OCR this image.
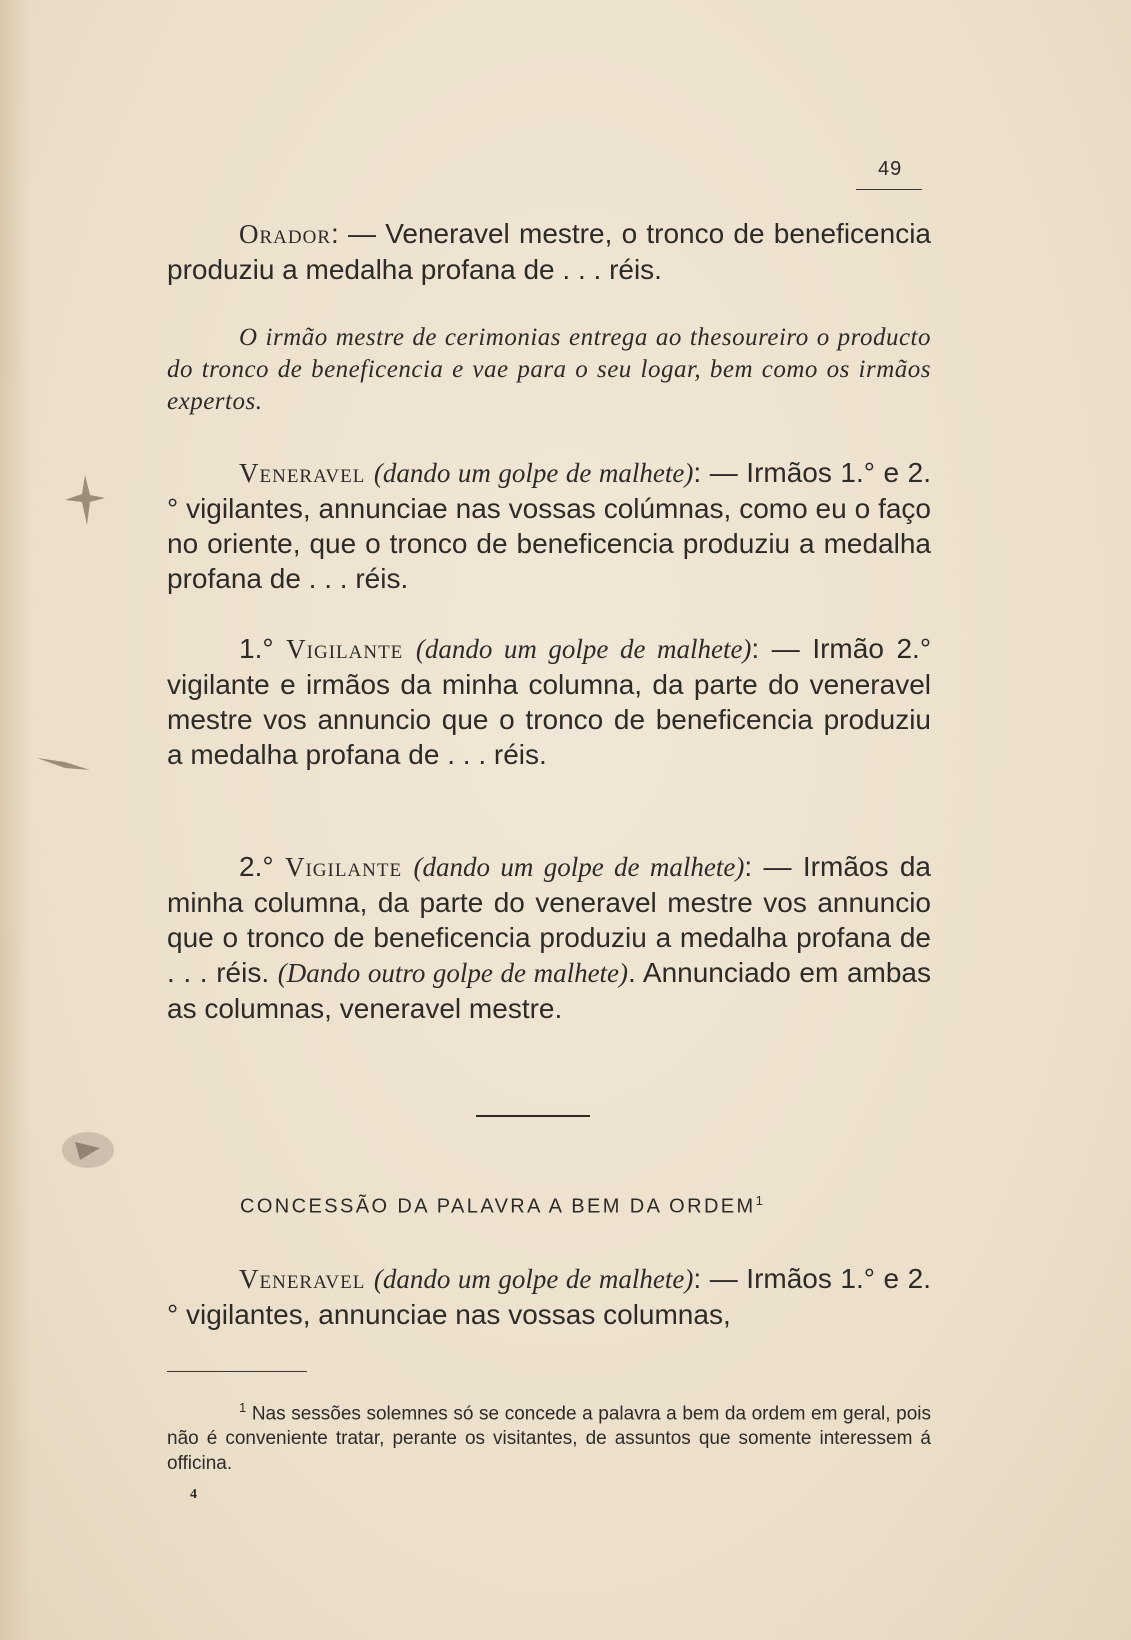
49
Orador: — Veneravel mestre, o tronco de beneficencia produziu a medalha profana de . . . réis.
O irmão mestre de cerimonias entrega ao thesoureiro o producto do tronco de beneficencia e vae para o seu logar, bem como os irmãos expertos.
Veneravel (dando um golpe de malhete): — Irmãos 1.° e 2.° vigilantes, annunciae nas vossas colúmnas, como eu o faço no oriente, que o tronco de beneficencia produziu a medalha profana de . . . réis.
1.° Vigilante (dando um golpe de malhete): — Irmão 2.° vigilante e irmãos da minha columna, da parte do veneravel mestre vos annuncio que o tronco de beneficencia produziu a medalha profana de . . . réis.
2.° Vigilante (dando um golpe de malhete): — Irmãos da minha columna, da parte do veneravel mestre vos annuncio que o tronco de beneficencia produziu a medalha profana de . . . réis. (Dando outro golpe de malhete). Annunciado em ambas as columnas, veneravel mestre.
CONCESSÃO DA PALAVRA A BEM DA ORDEM$^1$
Veneravel (dando um golpe de malhete): — Irmãos 1.° e 2.° vigilantes, annunciae nas vossas columnas,
$^1$ Nas sessões solemnes só se concede a palavra a bem da ordem em geral, pois não é conveniente tratar, perante os visitantes, de assuntos que somente interessem á officina.
4
